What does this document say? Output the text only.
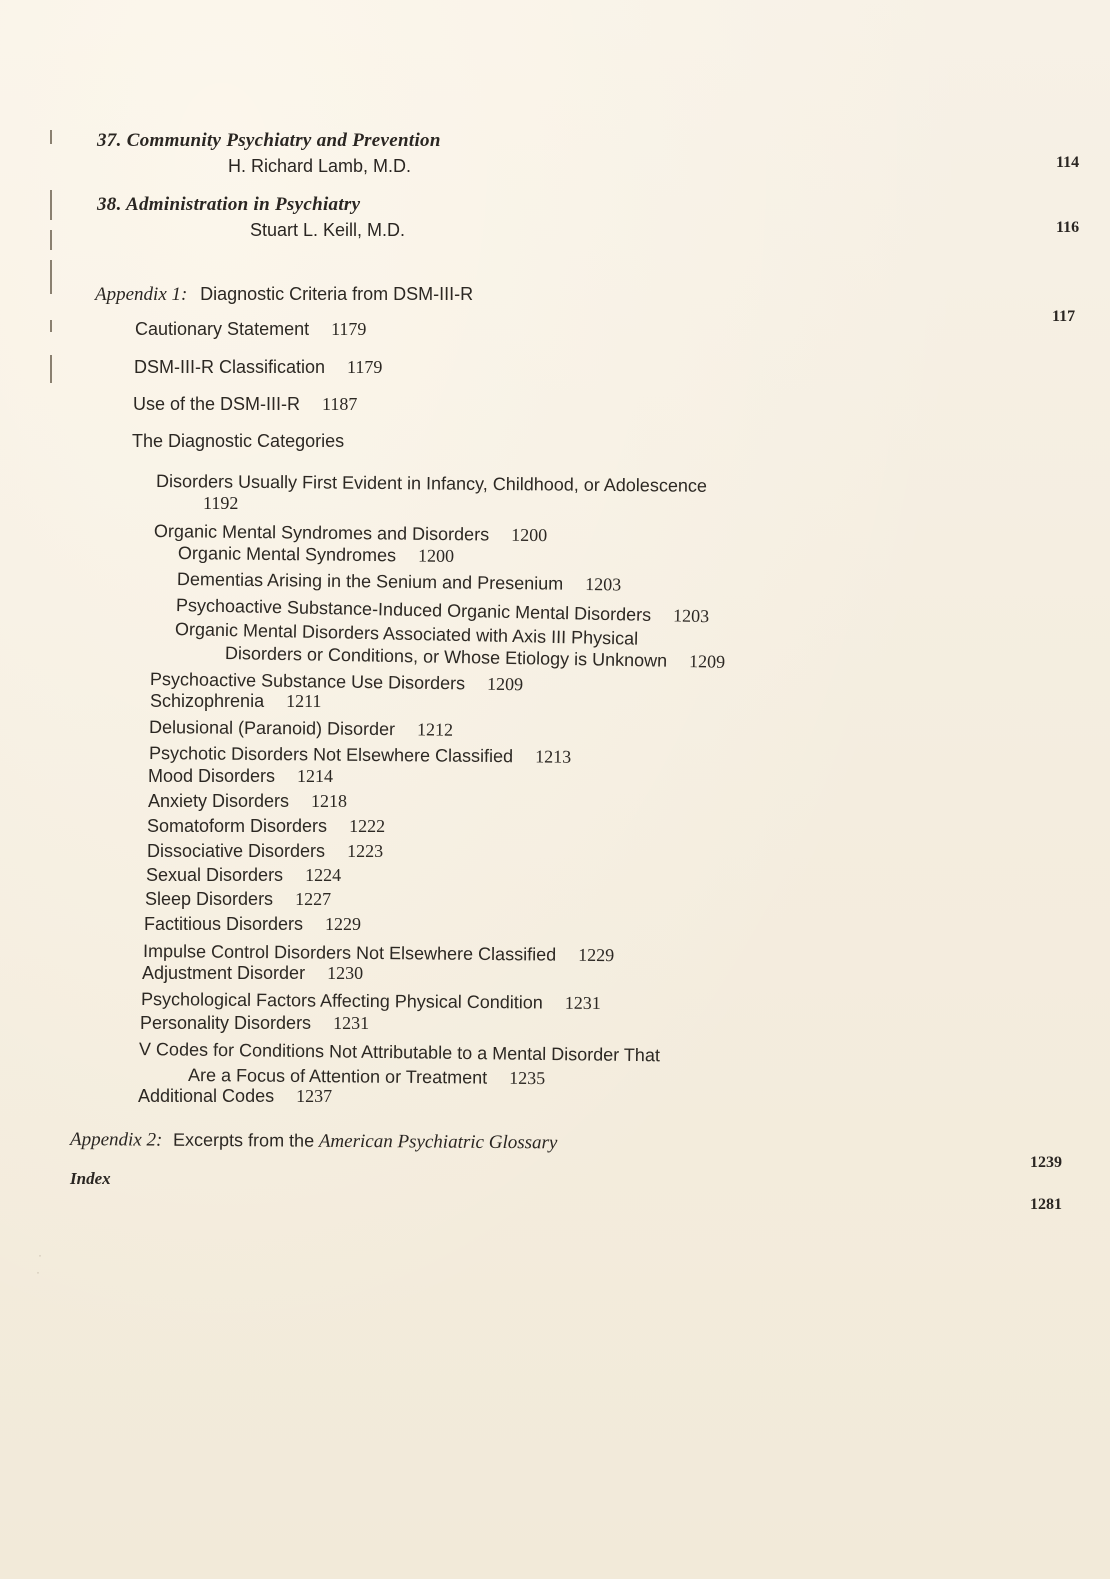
37. Community Psychiatry and Prevention
H. Richard Lamb, M.D.	114
38. Administration in Psychiatry
Stuart L. Keill, M.D.	116
Appendix 1: Diagnostic Criteria from DSM-III-R
117
Cautionary Statement 1179
DSM-III-R Classification 1179
Use of the DSM-III-R 1187
The Diagnostic Categories
Disorders Usually First Evident in Infancy, Childhood, or Adolescence
1192
Organic Mental Syndromes and Disorders 1200
Organic Mental Syndromes 1200
Dementias Arising in the Senium and Presenium 1203
Psychoactive Substance-Induced Organic Mental Disorders 1203
Organic Mental Disorders Associated with Axis III Physical
Disorders or Conditions, or Whose Etiology is Unknown 1209
Psychoactive Substance Use Disorders 1209
Schizophrenia 1211
Delusional (Paranoid) Disorder 1212
Psychotic Disorders Not Elsewhere Classified 1213
Mood Disorders 1214
Anxiety Disorders 1218
Somatoform Disorders 1222
Dissociative Disorders 1223
Sexual Disorders 1224
Sleep Disorders 1227
Factitious Disorders 1229
Impulse Control Disorders Not Elsewhere Classified 1229
Adjustment Disorder 1230
Psychological Factors Affecting Physical Condition 1231
Personality Disorders 1231
V Codes for Conditions Not Attributable to a Mental Disorder That
Are a Focus of Attention or Treatment 1235
Additional Codes 1237
Appendix 2: Excerpts from the American Psychiatric Glossary
1239
Index
1281
·
·
